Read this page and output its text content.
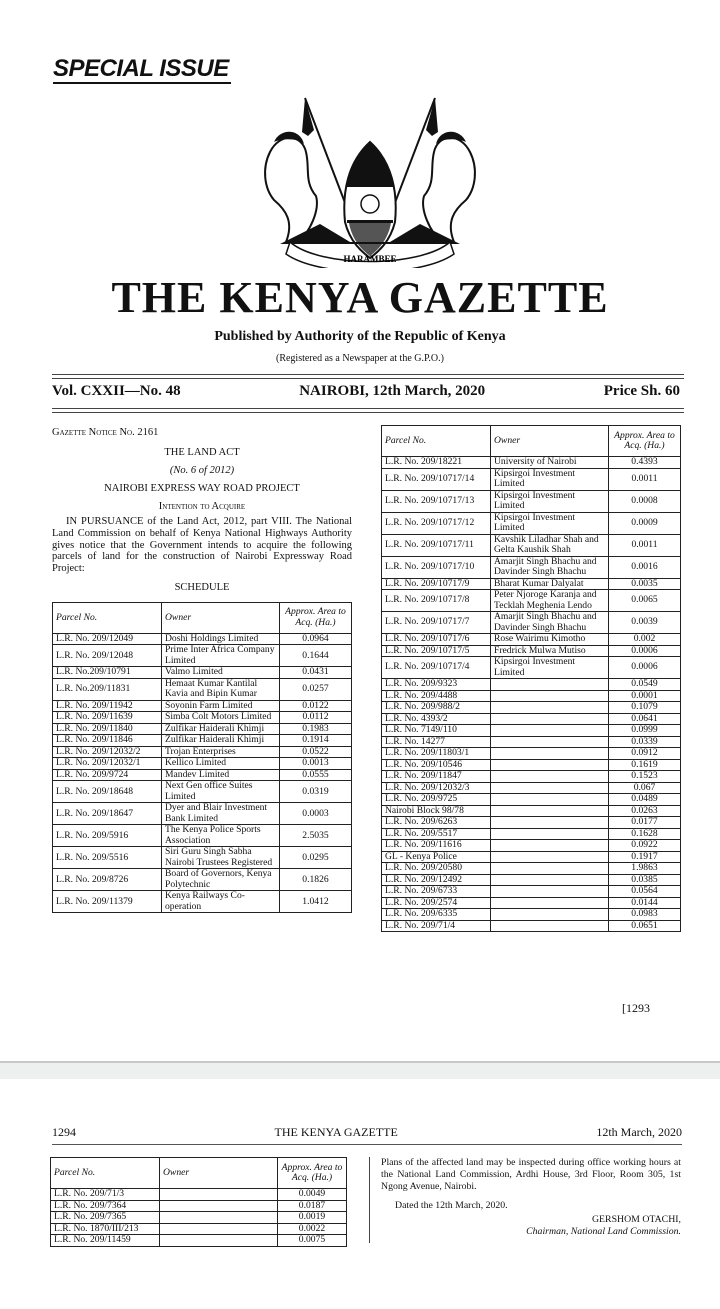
SPECIAL ISSUE
HARAMBEE
THE KENYA GAZETTE
Published by Authority of the Republic of Kenya
(Registered as a Newspaper at the G.P.O.)
Vol. CXXII—No. 48	NAIROBI, 12th March, 2020	Price Sh. 60
Gazette Notice No. 2161
THE LAND ACT
(No. 6 of 2012)
NAIROBI EXPRESS WAY ROAD PROJECT
Intention to Acquire
IN PURSUANCE of the Land Act, 2012, part VIII. The National Land Commission on behalf of Kenya National Highways Authority gives notice that the Government intends to acquire the following parcels of land for the construction of Nairobi Expressway Road Project:
SCHEDULE
Parcel No.	Owner	Approx. Area to Acq. (Ha.)
L.R. No. 209/12049	Doshi Holdings Limited	0.0964
L.R. No. 209/12048	Prime Inter Africa Company Limited	0.1644
L.R. No.209/10791	Valmo Limited	0.0431
L.R. No.209/11831	Hemaat Kumar Kantilal Kavia and Bipin Kumar	0.0257
L.R. No. 209/11942	Soyonin Farm Limited	0.0122
L.R. No. 209/11639	Simba Colt Motors Limited	0.0112
L.R. No. 209/11840	Zulfikar Haiderali Khimji	0.1983
L.R. No. 209/11846	Zulfikar Haiderali Khimji	0.1914
L.R. No. 209/12032/2	Trojan Enterprises	0.0522
L.R. No. 209/12032/1	Kellico Limited	0.0013
L.R. No. 209/9724	Mandev Limited	0.0555
L.R. No. 209/18648	Next Gen office Suites Limited	0.0319
L.R. No. 209/18647	Dyer and Blair Investment Bank Limited	0.0003
L.R. No. 209/5916	The Kenya Police Sports Association	2.5035
L.R. No. 209/5516	Siri Guru Singh Sabha Nairobi Trustees Registered	0.0295
L.R. No. 209/8726	Board of Governors, Kenya Polytechnic	0.1826
L.R. No. 209/11379	Kenya Railways Co-operation	1.0412
Parcel No.	Owner	Approx. Area to Acq. (Ha.)
L.R. No. 209/18221	University of Nairobi	0.4393
L.R. No. 209/10717/14	Kipsirgoi Investment Limited	0.0011
L.R. No. 209/10717/13	Kipsirgoi Investment Limited	0.0008
L.R. No. 209/10717/12	Kipsirgoi Investment Limited	0.0009
L.R. No. 209/10717/11	Kavshik Liladhar Shah and Gelta Kaushik Shah	0.0011
L.R. No. 209/10717/10	Amarjit Singh Bhachu and Davinder Singh Bhachu	0.0016
L.R. No. 209/10717/9	Bharat Kumar Dalyalat	0.0035
L.R. No. 209/10717/8	Peter Njoroge Karanja and Tecklah Meghenia Lendo	0.0065
L.R. No. 209/10717/7	Amarjit Singh Bhachu and Davinder Singh Bhachu	0.0039
L.R. No. 209/10717/6	Rose Wairimu Kimotho	0.002
L.R. No. 209/10717/5	Fredrick Mulwa Mutiso	0.0006
L.R. No. 209/10717/4	Kipsirgoi Investment Limited	0.0006
L.R. No. 209/9323		0.0549
L.R. No. 209/4488		0.0001
L.R. No. 209/988/2		0.1079
L.R. No. 4393/2		0.0641
L.R. No. 7149/110		0.0999
L.R. No. 14277		0.0339
L.R. No. 209/11803/1		0.0912
L.R. No. 209/10546		0.1619
L.R. No. 209/11847		0.1523
L.R. No. 209/12032/3		0.067
L.R. No. 209/9725		0.0489
Nairobi Block 98/78		0.0263
L.R. No. 209/6263		0.0177
L.R. No. 209/5517		0.1628
L.R. No. 209/11616		0.0922
GL - Kenya Police		0.1917
L.R. No. 209/20580		1.9863
L.R. No. 209/12492		0.0385
L.R. No. 209/6733		0.0564
L.R. No. 209/2574		0.0144
L.R. No. 209/6335		0.0983
L.R. No. 209/71/4		0.0651
[1293
1294	THE KENYA GAZETTE	12th March, 2020
Parcel No.	Owner	Approx. Area to Acq. (Ha.)
L.R. No. 209/71/3		0.0049
L.R. No. 209/7364		0.0187
L.R. No. 209/7365		0.0019
L.R. No. 1870/III/213		0.0022
L.R. No. 209/11459		0.0075
Plans of the affected land may be inspected during office working hours at the National Land Commission, Ardhi House, 3rd Floor, Room 305, 1st Ngong Avenue, Nairobi.
Dated the 12th March, 2020.
GERSHOM OTACHI,
Chairman, National Land Commission.
